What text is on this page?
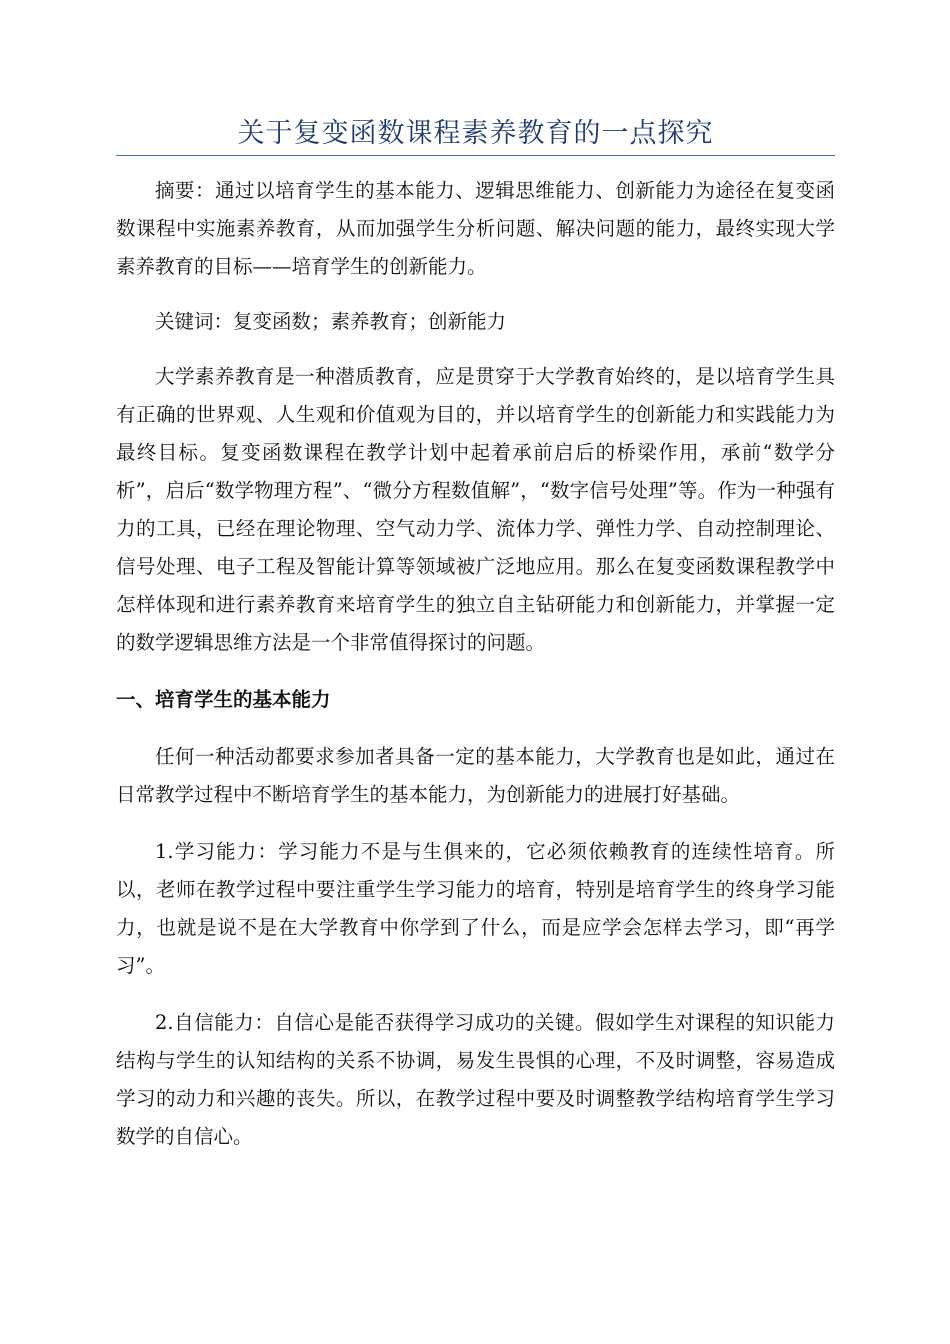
关于复变函数课程素养教育的一点探究

摘要：通过以培育学生的基本能力、逻辑思维能力、创新能力为途径在复变函数课程中实施素养教育，从而加强学生分析问题、解决问题的能力，最终实现大学素养教育的目标——培育学生的创新能力。

关键词：复变函数；素养教育；创新能力

大学素养教育是一种潜质教育，应是贯穿于大学教育始终的，是以培育学生具有正确的世界观、人生观和价值观为目的，并以培育学生的创新能力和实践能力为最终目标。复变函数课程在教学计划中起着承前启后的桥梁作用，承前“数学分析”，启后“数学物理方程”、“微分方程数值解”，“数字信号处理”等。作为一种强有力的工具，已经在理论物理、空气动力学、流体力学、弹性力学、自动控制理论、信号处理、电子工程及智能计算等领域被广泛地应用。那么在复变函数课程教学中怎样体现和进行素养教育来培育学生的独立自主钻研能力和创新能力，并掌握一定的数学逻辑思维方法是一个非常值得探讨的问题。

一、培育学生的基本能力

任何一种活动都要求参加者具备一定的基本能力，大学教育也是如此，通过在日常教学过程中不断培育学生的基本能力，为创新能力的进展打好基础。

1.学习能力：学习能力不是与生俱来的，它必须依赖教育的连续性培育。所以，老师在教学过程中要注重学生学习能力的培育，特别是培育学生的终身学习能力，也就是说不是在大学教育中你学到了什么，而是应学会怎样去学习，即“再学习”。

2.自信能力：自信心是能否获得学习成功的关键。假如学生对课程的知识能力结构与学生的认知结构的关系不协调，易发生畏惧的心理，不及时调整，容易造成学习的动力和兴趣的丧失。所以，在教学过程中要及时调整教学结构培育学生学习数学的自信心。
